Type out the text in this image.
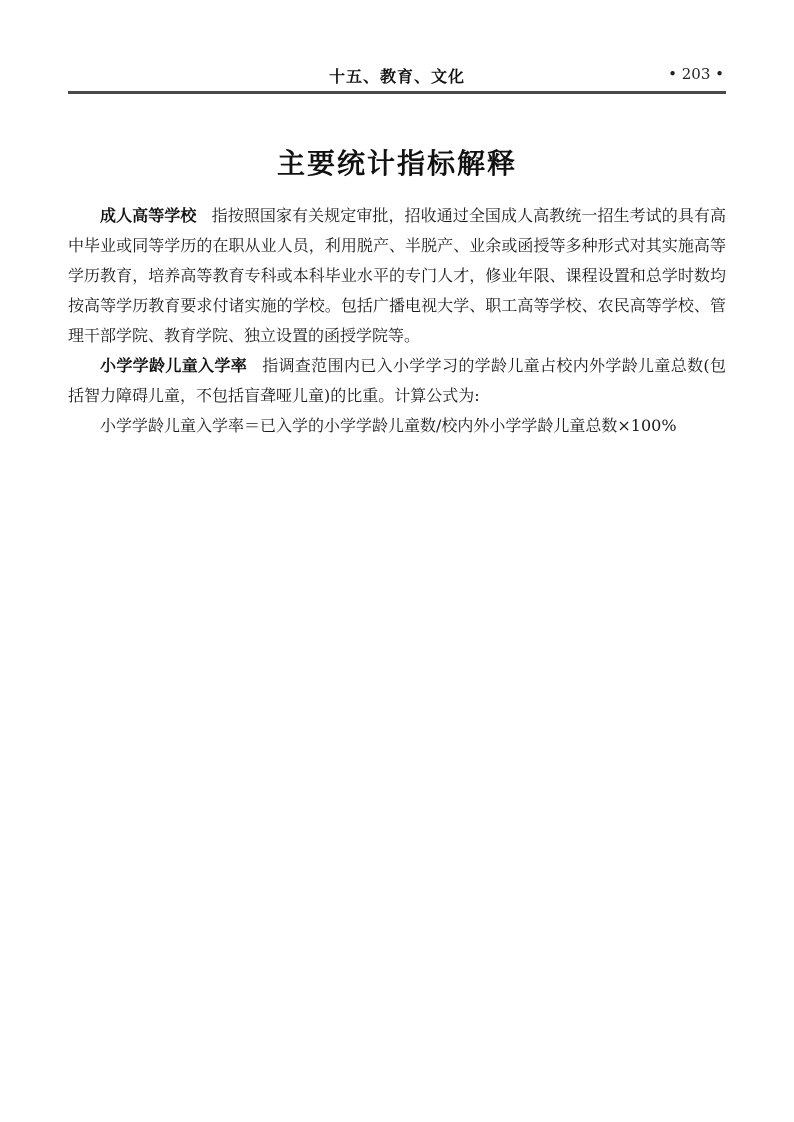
十五、教育、文化	• 203 •
主要统计指标解释

成人高等学校 指按照国家有关规定审批，招收通过全国成人高教统一招生考试的具有高中毕业或同等学历的在职从业人员，利用脱产、半脱产、业余或函授等多种形式对其实施高等学历教育，培养高等教育专科或本科毕业水平的专门人才，修业年限、课程设置和总学时数均按高等学历教育要求付诸实施的学校。包括广播电视大学、职工高等学校、农民高等学校、管理干部学院、教育学院、独立设置的函授学院等。

小学学龄儿童入学率 指调查范围内已入小学学习的学龄儿童占校内外学龄儿童总数(包括智力障碍儿童，不包括盲聋哑儿童)的比重。计算公式为:

小学学龄儿童入学率＝已入学的小学学龄儿童数/校内外小学学龄儿童总数×100%
